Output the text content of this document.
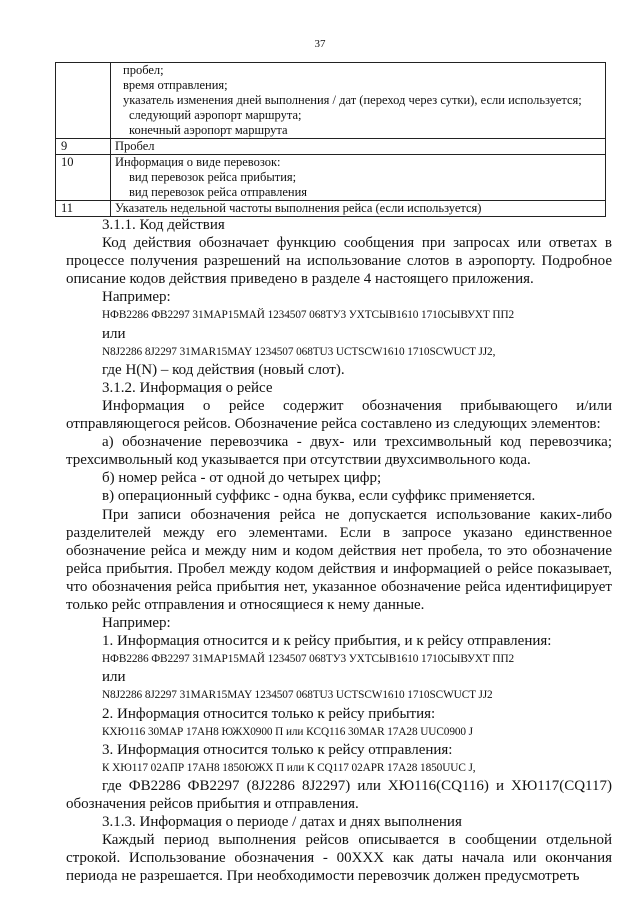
37

	пробел;
время отправления;
указатель изменения дней выполнения / дат (переход через сутки), если используется;
следующий аэропорт маршрута;
конечный аэропорт маршрута

9	Пробел

10	Информация о виде перевозок:
вид перевозок рейса прибытия;
вид перевозок рейса отправления

11	Указатель недельной частоты выполнения рейса (если используется)

3.1.1. Код действия

Код действия обозначает функцию сообщения при запросах или ответах в процессе получения разрешений на использование слотов в аэропорту. Подробное описание кодов действия приведено в разделе 4 настоящего приложения.

Например:

НФВ2286 ФВ2297 31МАР15МАЙ 1234507 068ТУ3 УХТСЫВ1610 1710СЫВУХТ ПП2

или

N8J2286 8J2297 31MAR15MAY 1234507 068TU3 UCTSCW1610 1710SCWUCT JJ2,

где Н(N) – код действия (новый слот).

3.1.2. Информация о рейсе

Информация о рейсе содержит обозначения прибывающего и/или отправляющегося рейсов. Обозначение рейса составлено из следующих элементов:

а) обозначение перевозчика - двух- или трехсимвольный код перевозчика; трехсимвольный код указывается при отсутствии двухсимвольного кода.

б) номер рейса - от одной до четырех цифр;

в) операционный суффикс - одна буква, если суффикс применяется.

При записи обозначения рейса не допускается использование каких-либо разделителей между его элементами. Если в запросе указано единственное обозначение рейса и между ним и кодом действия нет пробела, то это обозначение рейса прибытия. Пробел между кодом действия и информацией о рейсе показывает, что обозначения рейса прибытия нет, указанное обозначение рейса идентифицирует только рейс отправления и относящиеся к нему данные.

Например:

1. Информация относится и к рейсу прибытия, и к рейсу отправления:

НФВ2286 ФВ2297 31МАР15МАЙ 1234507 068ТУ3 УХТСЫВ1610 1710СЫВУХТ ПП2

или

N8J2286 8J2297 31MAR15MAY 1234507 068TU3 UCTSCW1610 1710SCWUCT JJ2

2. Информация относится только к рейсу прибытия:

КХЮ116 30МАР 17АН8 ЮЖХ0900 П или КCQ116 30MAR 17A28 UUC0900 J

3. Информация относится только к рейсу отправления:

К ХЮ117 02АПР 17АН8 1850ЮЖХ П или К CQ117 02APR 17A28 1850UUC J,

где ФВ2286 ФВ2297 (8J2286 8J2297) или ХЮ116(CQ116) и ХЮ117(CQ117) обозначения рейсов прибытия и отправления.

3.1.3. Информация о периоде / датах и днях выполнения

Каждый период выполнения рейсов описывается в сообщении отдельной строкой. Использование обозначения - 00XXX как даты начала или окончания периода не разрешается. При необходимости перевозчик должен предусмотреть
